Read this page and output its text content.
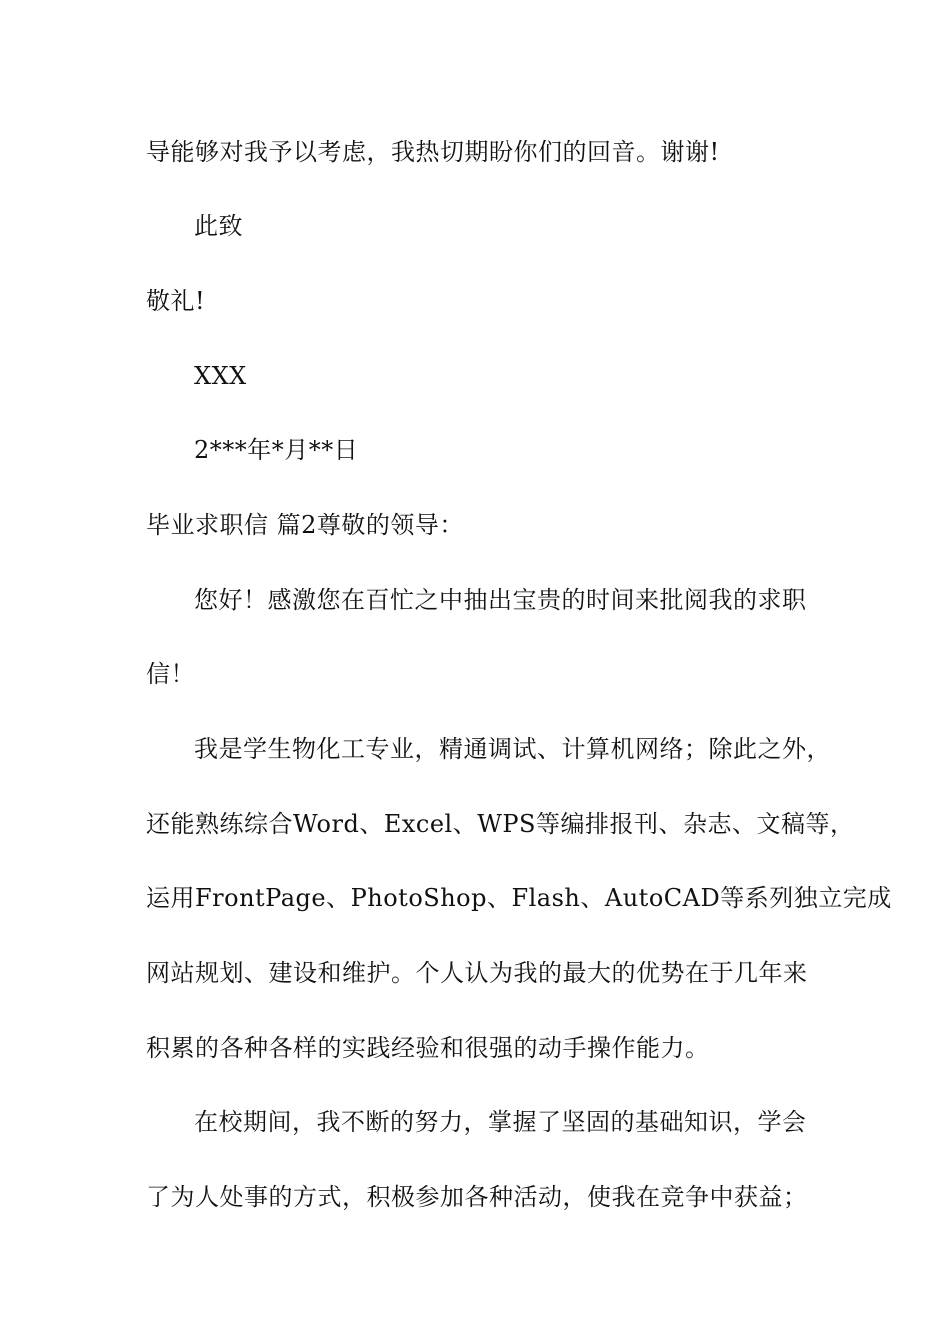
导能够对我予以考虑，我热切期盼你们的回音。谢谢!
此致
敬礼!
XXX
2***年*月**日
毕业求职信 篇2尊敬的领导：
您好！感激您在百忙之中抽出宝贵的时间来批阅我的求职
信！
我是学生物化工专业，精通调试、计算机网络；除此之外，
还能熟练综合Word、Excel、WPS等编排报刊、杂志、文稿等，
运用FrontPage、PhotoShop、Flash、AutoCAD等系列独立完成
网站规划、建设和维护。个人认为我的最大的优势在于几年来
积累的各种各样的实践经验和很强的动手操作能力。
在校期间，我不断的努力，掌握了坚固的基础知识，学会
了为人处事的方式，积极参加各种活动，使我在竞争中获益；
